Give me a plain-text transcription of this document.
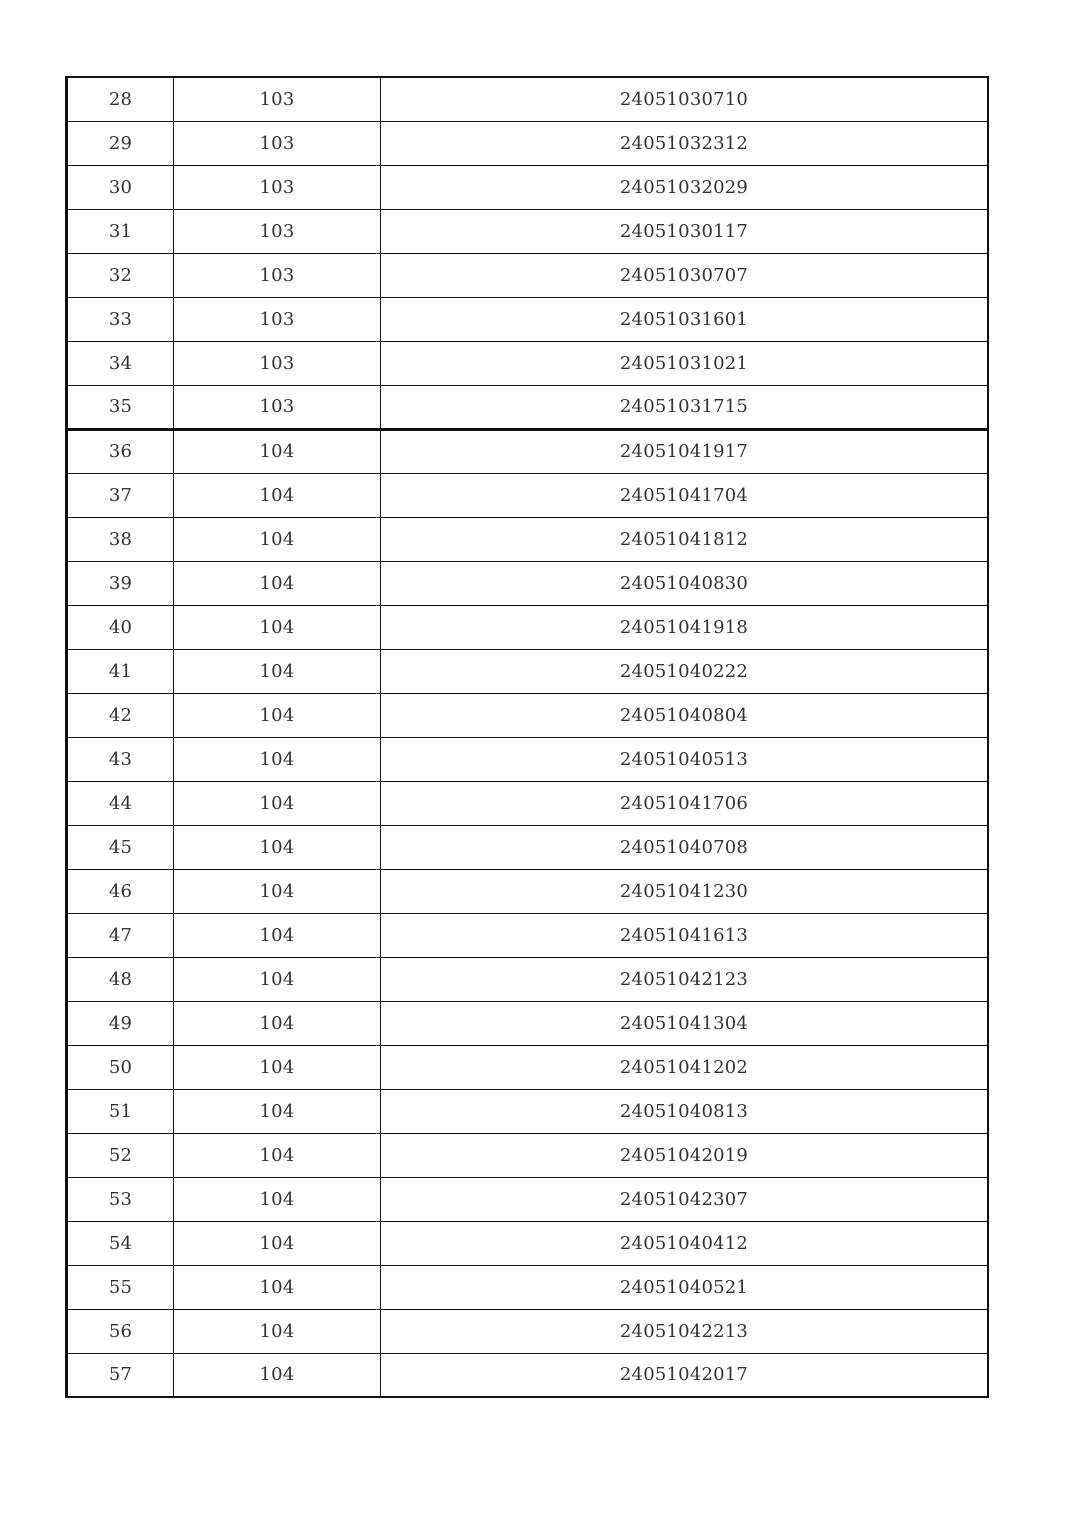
28	103	24051030710
29	103	24051032312
30	103	24051032029
31	103	24051030117
32	103	24051030707
33	103	24051031601
34	103	24051031021
35	103	24051031715
36	104	24051041917
37	104	24051041704
38	104	24051041812
39	104	24051040830
40	104	24051041918
41	104	24051040222
42	104	24051040804
43	104	24051040513
44	104	24051041706
45	104	24051040708
46	104	24051041230
47	104	24051041613
48	104	24051042123
49	104	24051041304
50	104	24051041202
51	104	24051040813
52	104	24051042019
53	104	24051042307
54	104	24051040412
55	104	24051040521
56	104	24051042213
57	104	24051042017
